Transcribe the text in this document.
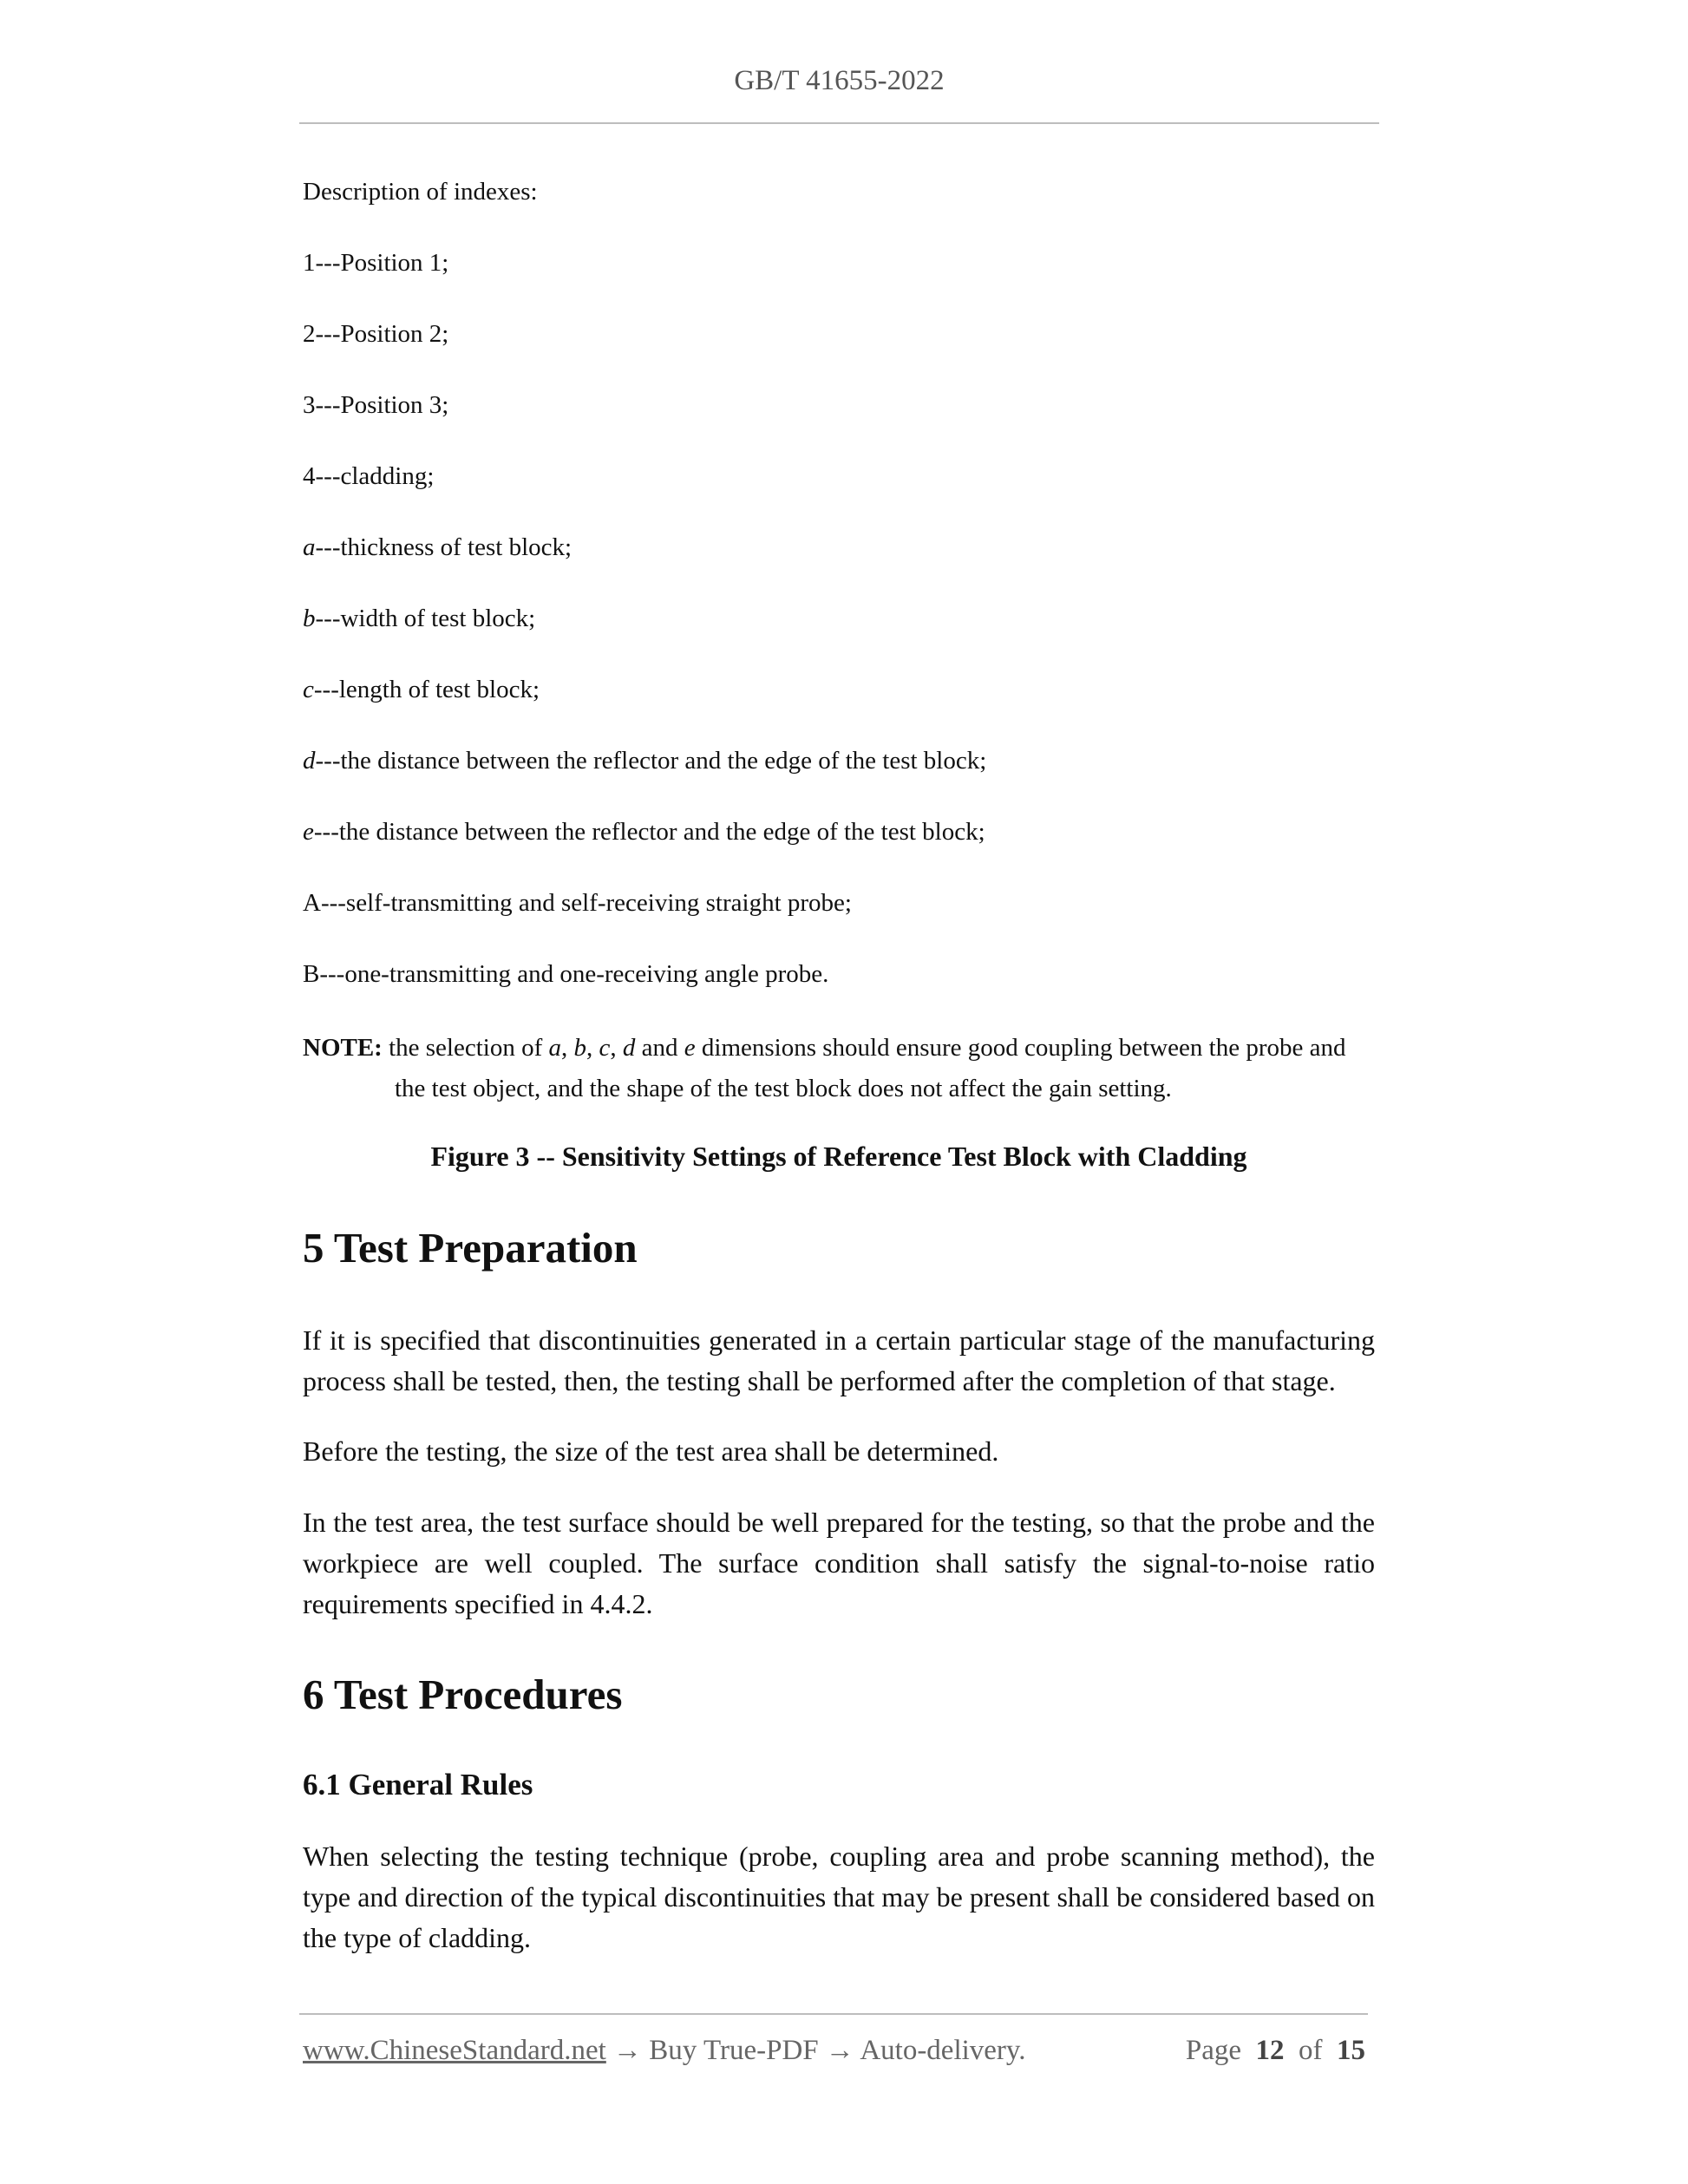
GB/T 41655-2022
Description of indexes:
1---Position 1;
2---Position 2;
3---Position 3;
4---cladding;
a---thickness of test block;
b---width of test block;
c---length of test block;
d---the distance between the reflector and the edge of the test block;
e---the distance between the reflector and the edge of the test block;
A---self-transmitting and self-receiving straight probe;
B---one-transmitting and one-receiving angle probe.
NOTE: the selection of a, b, c, d and e dimensions should ensure good coupling between the probe and
the test object, and the shape of the test block does not affect the gain setting.
Figure 3 -- Sensitivity Settings of Reference Test Block with Cladding
5 Test Preparation
If it is specified that discontinuities generated in a certain particular stage of the manufacturing process shall be tested, then, the testing shall be performed after the completion of that stage.
Before the testing, the size of the test area shall be determined.
In the test area, the test surface should be well prepared for the testing, so that the probe and the workpiece are well coupled. The surface condition shall satisfy the signal-to-noise ratio requirements specified in 4.4.2.
6 Test Procedures
6.1 General Rules
When selecting the testing technique (probe, coupling area and probe scanning method), the type and direction of the typical discontinuities that may be present shall be considered based on the type of cladding.
www.ChineseStandard.net → Buy True-PDF → Auto-delivery.	Page 12 of 15
